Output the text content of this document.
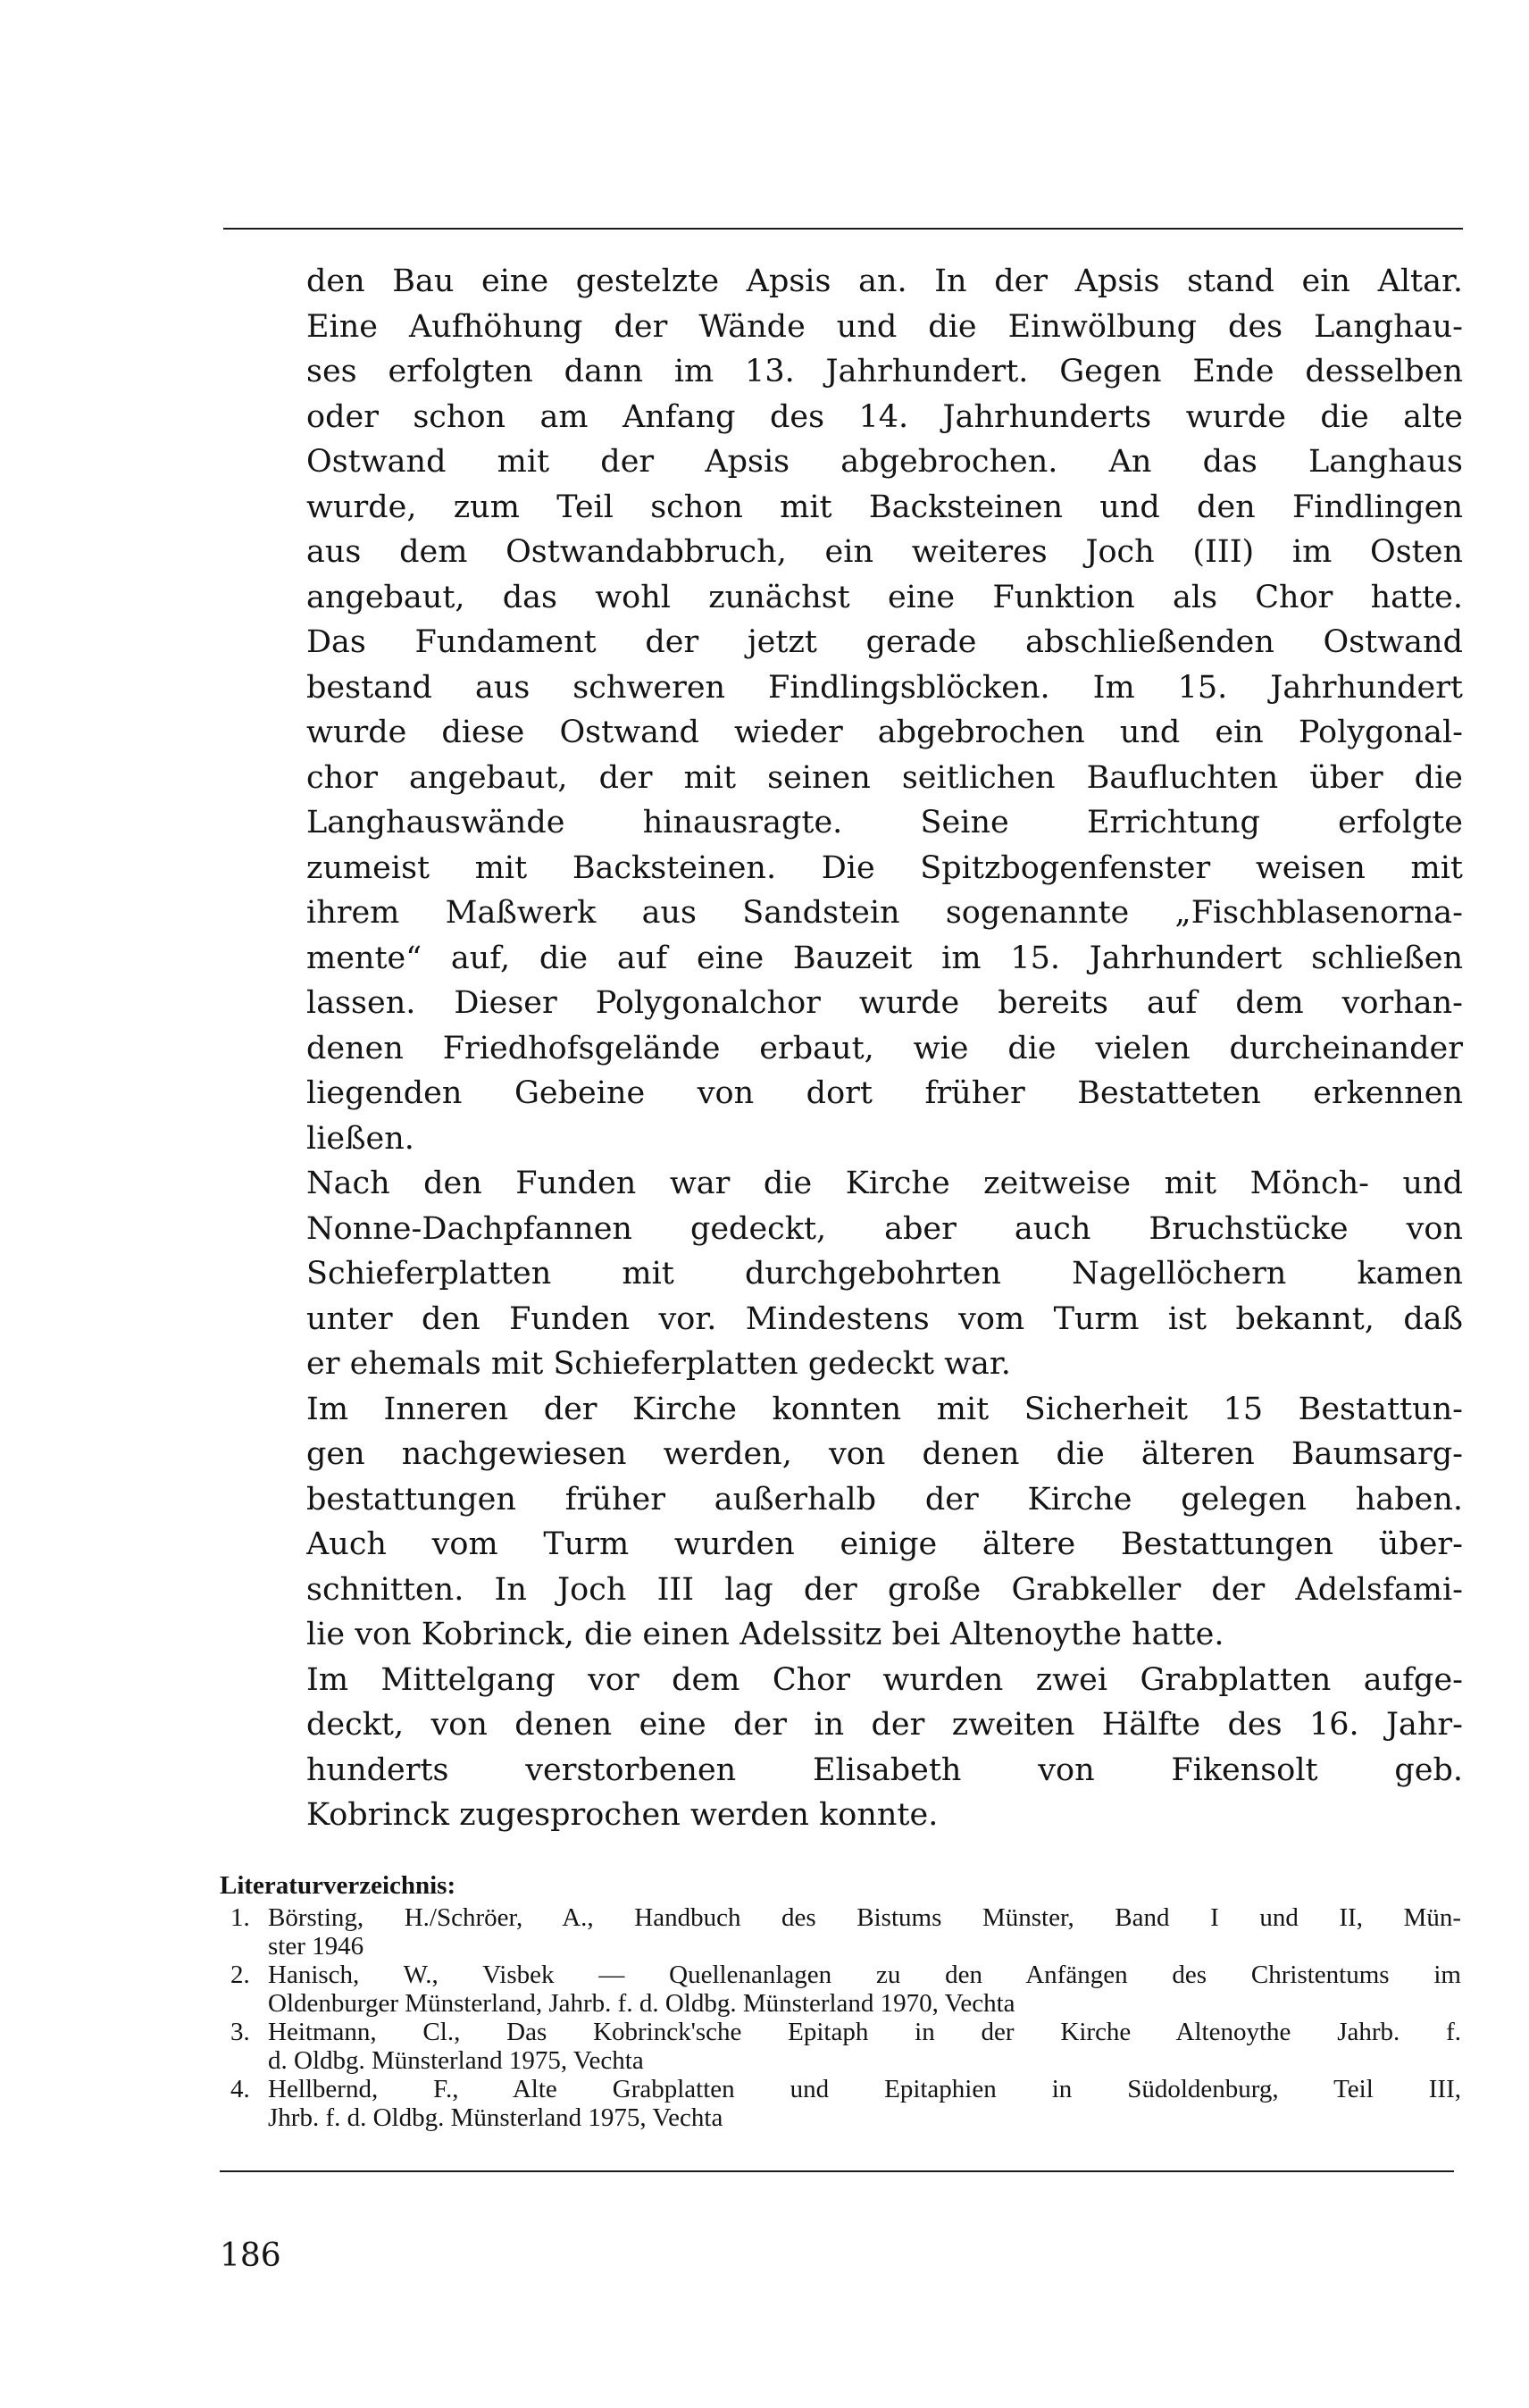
den Bau eine gestelzte Apsis an. In der Apsis stand ein Altar.
Eine Aufhöhung der Wände und die Einwölbung des Langhau-
ses erfolgten dann im 13. Jahrhundert. Gegen Ende desselben
oder schon am Anfang des 14. Jahrhunderts wurde die alte
Ostwand mit der Apsis abgebrochen. An das Langhaus
wurde, zum Teil schon mit Backsteinen und den Findlingen
aus dem Ostwandabbruch, ein weiteres Joch (III) im Osten
angebaut, das wohl zunächst eine Funktion als Chor hatte.
Das Fundament der jetzt gerade abschließenden Ostwand
bestand aus schweren Findlingsblöcken. Im 15. Jahrhundert
wurde diese Ostwand wieder abgebrochen und ein Polygonal-
chor angebaut, der mit seinen seitlichen Baufluchten über die
Langhauswände hinausragte. Seine Errichtung erfolgte
zumeist mit Backsteinen. Die Spitzbogenfenster weisen mit
ihrem Maßwerk aus Sandstein sogenannte „Fischblasenorna-
mente“ auf, die auf eine Bauzeit im 15. Jahrhundert schließen
lassen. Dieser Polygonalchor wurde bereits auf dem vorhan-
denen Friedhofsgelände erbaut, wie die vielen durcheinander
liegenden Gebeine von dort früher Bestatteten erkennen
ließen.
Nach den Funden war die Kirche zeitweise mit Mönch- und
Nonne-Dachpfannen gedeckt, aber auch Bruchstücke von
Schieferplatten mit durchgebohrten Nagellöchern kamen
unter den Funden vor. Mindestens vom Turm ist bekannt, daß
er ehemals mit Schieferplatten gedeckt war.
Im Inneren der Kirche konnten mit Sicherheit 15 Bestattun-
gen nachgewiesen werden, von denen die älteren Baumsarg-
bestattungen früher außerhalb der Kirche gelegen haben.
Auch vom Turm wurden einige ältere Bestattungen über-
schnitten. In Joch III lag der große Grabkeller der Adelsfami-
lie von Kobrinck, die einen Adelssitz bei Altenoythe hatte.
Im Mittelgang vor dem Chor wurden zwei Grabplatten aufge-
deckt, von denen eine der in der zweiten Hälfte des 16. Jahr-
hunderts verstorbenen Elisabeth von Fikensolt geb.
Kobrinck zugesprochen werden konnte.
Literaturverzeichnis:
1. Börsting, H./Schröer, A., Handbuch des Bistums Münster, Band I und II, Mün-
ster 1946
2. Hanisch, W., Visbek — Quellenanlagen zu den Anfängen des Christentums im
Oldenburger Münsterland, Jahrb. f. d. Oldbg. Münsterland 1970, Vechta
3. Heitmann, Cl., Das Kobrinck'sche Epitaph in der Kirche Altenoythe Jahrb. f.
d. Oldbg. Münsterland 1975, Vechta
4. Hellbernd, F., Alte Grabplatten und Epitaphien in Südoldenburg, Teil III,
Jhrb. f. d. Oldbg. Münsterland 1975, Vechta
186
